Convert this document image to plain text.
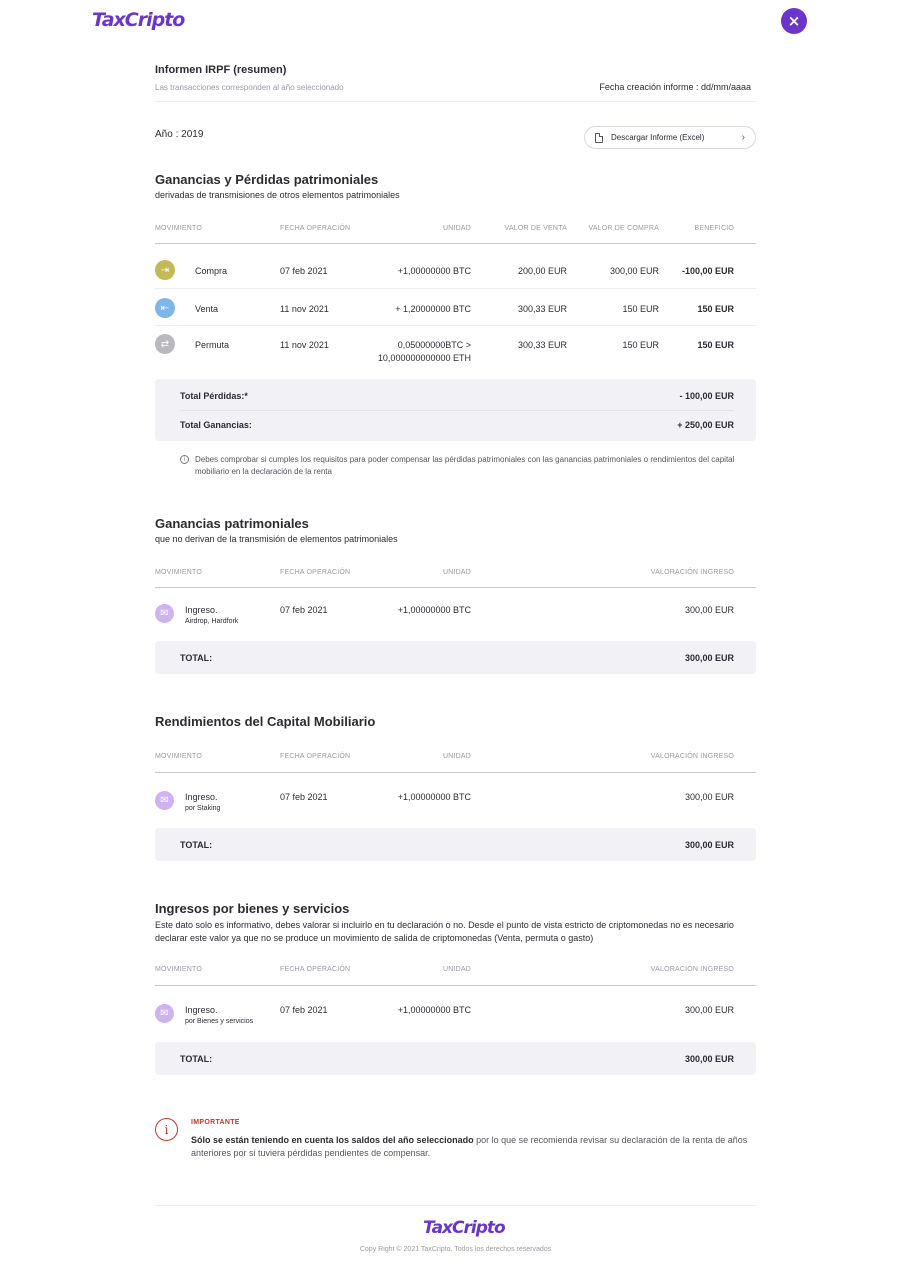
TaxCripto	×
Informen IRPF (resumen)
Las transacciones corresponden al año seleccionado	Fecha creación informe : dd/mm/aaaa
Año : 2019	Descargar Informe (Excel)	›
Ganancias y Pérdidas patrimoniales
derivadas de transmisiones de otros elementos patrimoniales
MOVIMIENTO	FECHA OPERACIÓN	UNIDAD	VALOR DE VENTA	VALOR DE COMPRA	BENEFICIO
⇥	Compra	07 feb 2021	+1,00000000 BTC	200,00 EUR	300,00 EUR	-100,00 EUR
⇤	Venta	11 nov 2021	+ 1,20000000 BTC	300,33 EUR	150 EUR	150 EUR
⇄	Permuta	11 nov 2021	0,05000000BTC >
10,000000000000 ETH
300,33 EUR	150 EUR	150 EUR
Total Pérdidas:*	- 100,00 EUR
Total Ganancias:	+ 250,00 EUR
i	Debes comprobar si cumples los requisitos para poder compensar las pérdidas patrimoniales con las ganancias patrimoniales o rendimientos del capital mobiliario en la declaración de la renta
Ganancias patrimoniales
que no derivan de la transmisión de elementos patrimoniales
MOVIMIENTO	FECHA OPERACIÓN	UNIDAD	VALORACIÓN INGRESO
✉	Ingreso.
Airdrop, Hardfork
07 feb 2021	+1,00000000 BTC	300,00 EUR
TOTAL:	300,00 EUR
Rendimientos del Capital Mobiliario
MOVIMIENTO	FECHA OPERACIÓN	UNIDAD	VALORACIÓN INGRESO
✉	Ingreso.
por Staking
07 feb 2021	+1,00000000 BTC	300,00 EUR
TOTAL:	300,00 EUR
Ingresos por bienes y servicios
Este dato solo es informativo, debes valorar si incluirlo en tu declaración o no. Desde el punto de vista estricto de criptomonedas no es necesario declarar este valor ya que no se produce un movimiento de salida de criptomonedas (Venta, permuta o gasto)
MOVIMIENTO	FECHA OPERACIÓN	UNIDAD	VALORACIÓN INGRESO
✉	Ingreso.
por Bienes y servicios
07 feb 2021	+1,00000000 BTC	300,00 EUR
TOTAL:	300,00 EUR
i	IMPORTANTE
Sólo se están teniendo en cuenta los saldos del año seleccionado por lo que se recomienda revisar su declaración de la renta de años anteriores por si tuviera pérdidas pendientes de compensar.
Copy Right © 2021 TaxCripto. Todos los derechos reservados
TaxCripto
